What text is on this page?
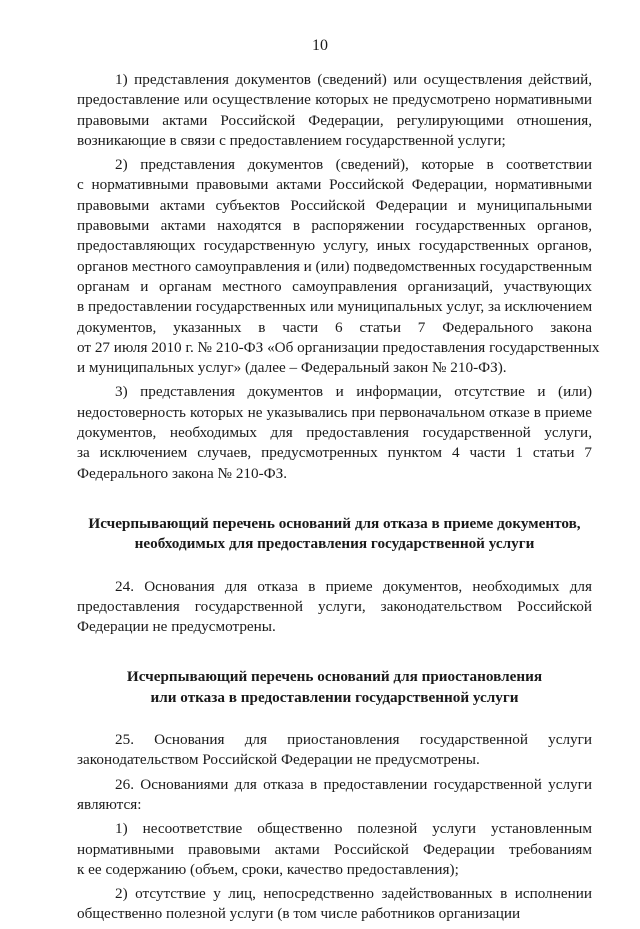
10
1) представления документов (сведений) или осуществления действий,
предоставление или осуществление которых не предусмотрено нормативными
правовыми актами Российской Федерации, регулирующими отношения,
возникающие в связи с предоставлением государственной услуги;
2) представления документов (сведений), которые в соответствии
с нормативными правовыми актами Российской Федерации, нормативными
правовыми актами субъектов Российской Федерации и муниципальными
правовыми актами находятся в распоряжении государственных органов,
предоставляющих государственную услугу, иных государственных органов,
органов местного самоуправления и (или) подведомственных государственным
органам и органам местного самоуправления организаций, участвующих
в предоставлении государственных или муниципальных услуг, за исключением
документов, указанных в части 6 статьи 7 Федерального закона
от 27 июля 2010 г. № 210-ФЗ «Об организации предоставления государственных
и муниципальных услуг» (далее – Федеральный закон № 210-ФЗ).
3) представления документов и информации, отсутствие и (или)
недостоверность которых не указывались при первоначальном отказе в приеме
документов, необходимых для предоставления государственной услуги,
за исключением случаев, предусмотренных пунктом 4 части 1 статьи 7
Федерального закона № 210-ФЗ.
Исчерпывающий перечень оснований для отказа в приеме документов,
необходимых для предоставления государственной услуги
24. Основания для отказа в приеме документов, необходимых для
предоставления государственной услуги, законодательством Российской
Федерации не предусмотрены.
Исчерпывающий перечень оснований для приостановления
или отказа в предоставлении государственной услуги
25. Основания для приостановления государственной услуги
законодательством Российской Федерации не предусмотрены.
26. Основаниями для отказа в предоставлении государственной услуги
являются:
1) несоответствие общественно полезной услуги установленным
нормативными правовыми актами Российской Федерации требованиям
к ее содержанию (объем, сроки, качество предоставления);
2) отсутствие у лиц, непосредственно задействованных в исполнении
общественно полезной услуги (в том числе работников организации
